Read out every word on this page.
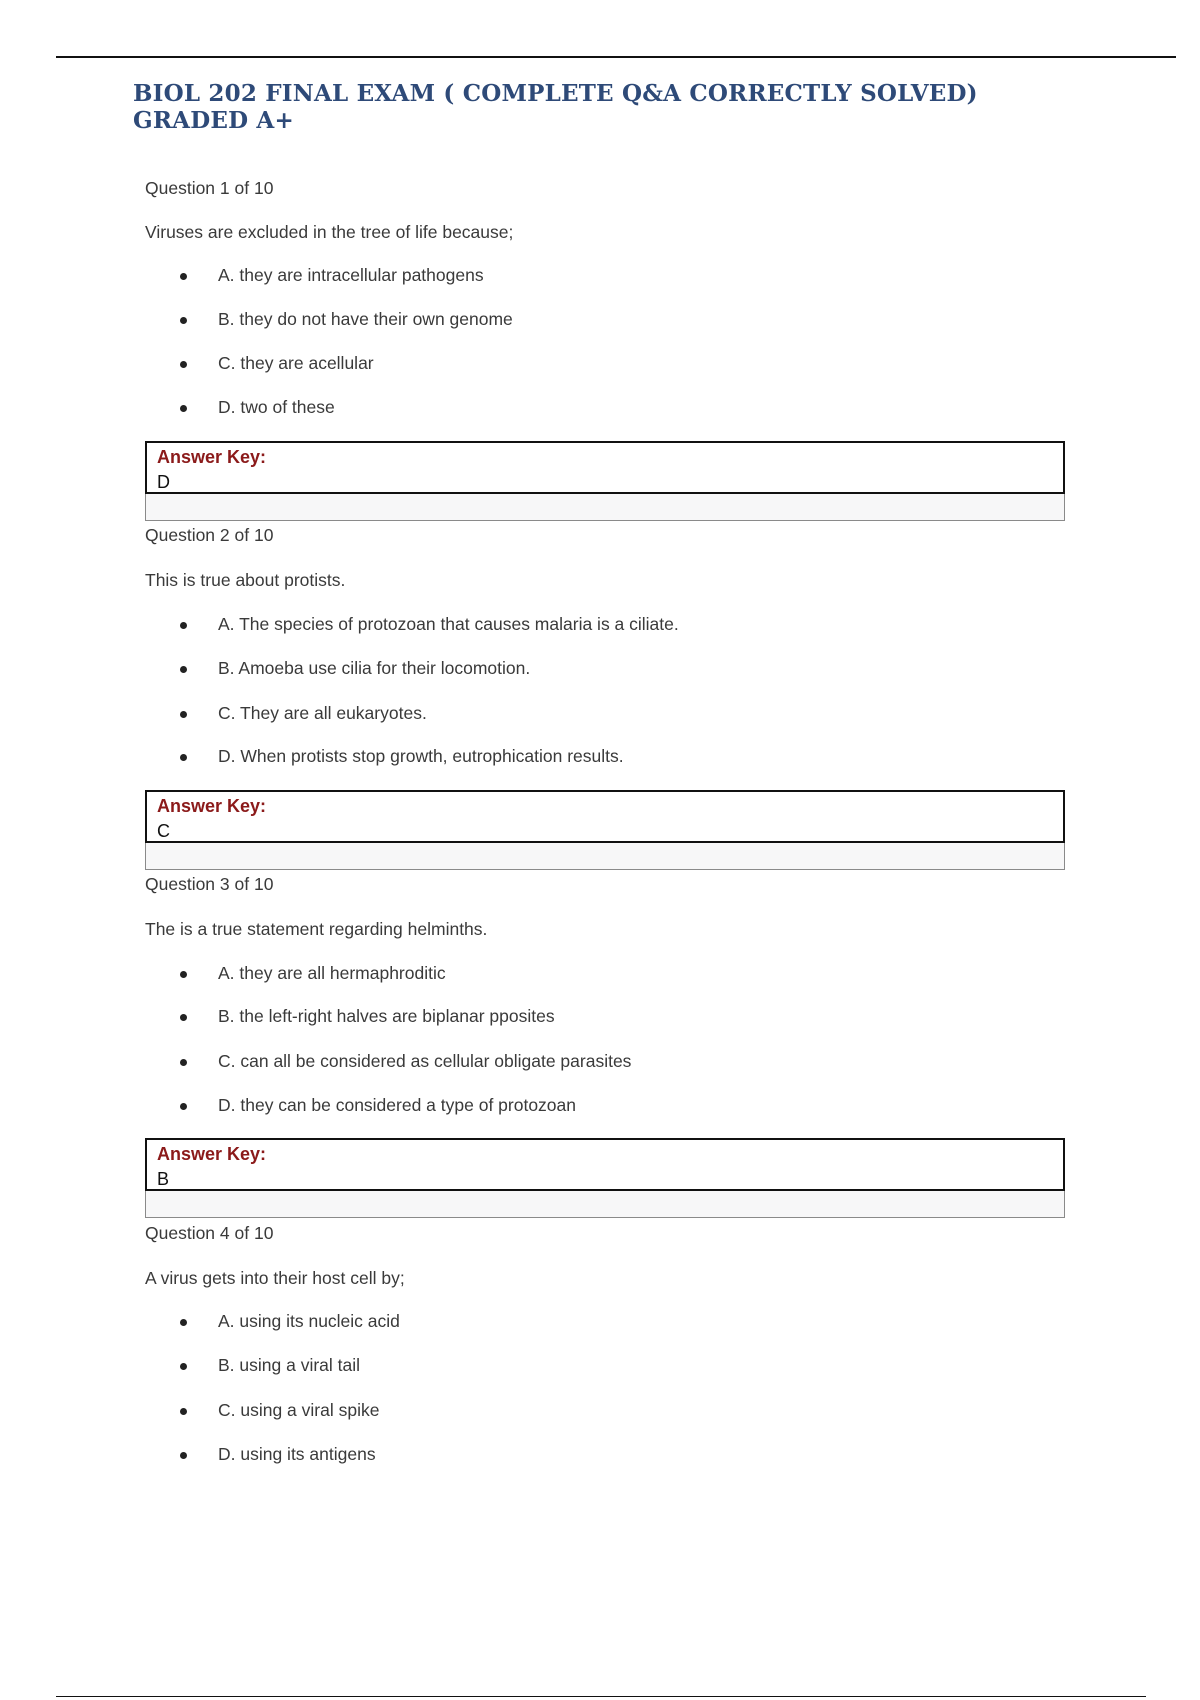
BIOL 202 FINAL EXAM ( COMPLETE Q&A CORRECTLY SOLVED) GRADED A+
Question 1 of 10
Viruses are excluded in the tree of life because;
A. they are intracellular pathogens
B. they do not have their own genome
C. they are acellular
D. two of these
Answer Key:
D
Question 2 of 10
This is true about protists.
A. The species of protozoan that causes malaria is a ciliate.
B. Amoeba use cilia for their locomotion.
C. They are all eukaryotes.
D. When protists stop growth, eutrophication results.
Answer Key:
C
Question 3 of 10
The is a true statement regarding helminths.
A. they are all hermaphroditic
B. the left-right halves are biplanar pposites
C. can all be considered as cellular obligate parasites
D. they can be considered a type of protozoan
Answer Key:
B
Question 4 of 10
A virus gets into their host cell by;
A. using its nucleic acid
B. using a viral tail
C. using a viral spike
D. using its antigens
